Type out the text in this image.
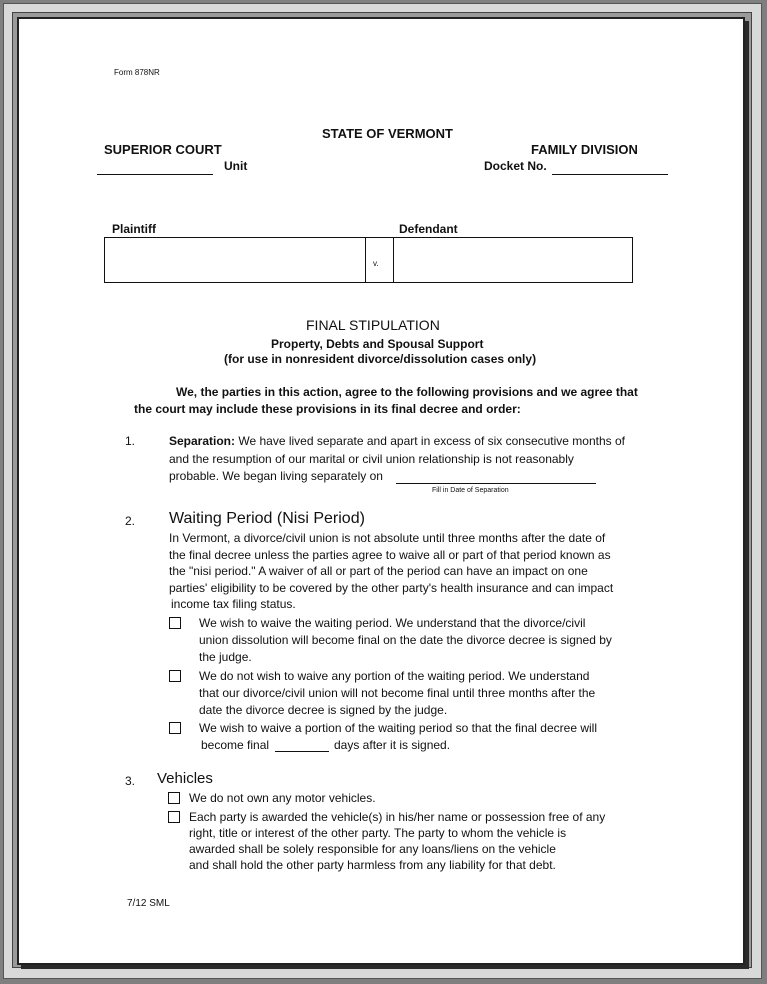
Form 878NR
STATE OF VERMONT
SUPERIOR COURT	FAMILY DIVISION
Unit	Docket No.
Plaintiff	Defendant
v.
FINAL STIPULATION
Property, Debts and Spousal Support
(for use in nonresident divorce/dissolution cases only)
We, the parties in this action, agree to the following provisions and we agree that
the court may include these provisions in its final decree and order:
1.	Separation: We have lived separate and apart in excess of six consecutive months of
and the resumption of our marital or civil union relationship is not reasonably
probable. We began living separately on
Fill in Date of Separation
2. Waiting Period (Nisi Period)
In Vermont, a divorce/civil union is not absolute until three months after the date of
the final decree unless the parties agree to waive all or part of that period known as
the "nisi period." A waiver of all or part of the period can have an impact on one
parties' eligibility to be covered by the other party's health insurance and can impact
income tax filing status.
We wish to waive the waiting period. We understand that the divorce/civil
union dissolution will become final on the date the divorce decree is signed by
the judge.
We do not wish to waive any portion of the waiting period. We understand
that our divorce/civil union will not become final until three months after the
date the divorce decree is signed by the judge.
We wish to waive a portion of the waiting period so that the final decree will
become final	days after it is signed.
3. Vehicles
We do not own any motor vehicles.
Each party is awarded the vehicle(s) in his/her name or possession free of any
right, title or interest of the other party. The party to whom the vehicle is
awarded shall be solely responsible for any loans/liens on the vehicle
and shall hold the other party harmless from any liability for that debt.
7/12 SML
